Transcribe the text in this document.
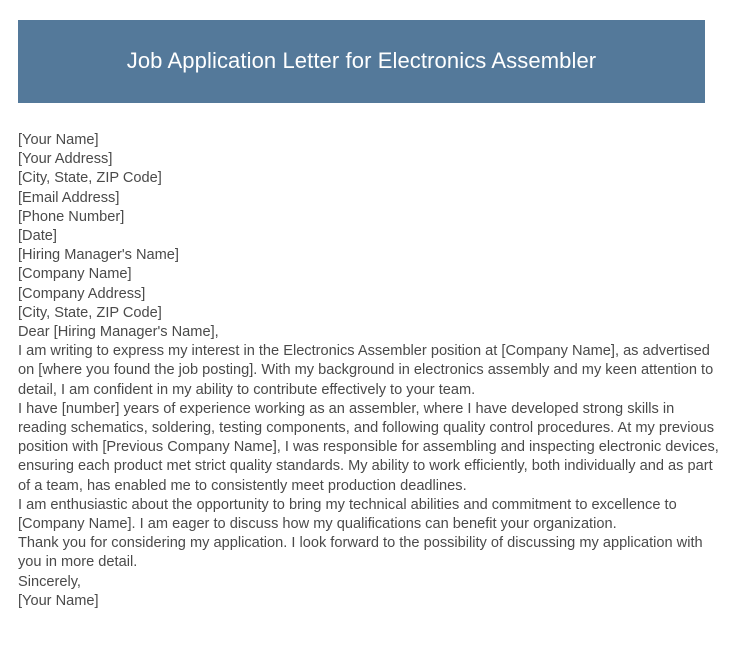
Job Application Letter for Electronics Assembler

[Your Name]

[Your Address]

[City, State, ZIP Code]

[Email Address]

[Phone Number]

[Date]

[Hiring Manager's Name]

[Company Name]

[Company Address]

[City, State, ZIP Code]

Dear [Hiring Manager's Name],

I am writing to express my interest in the Electronics Assembler position at [Company Name], as advertised on [where you found the job posting]. With my background in electronics assembly and my keen attention to detail, I am confident in my ability to contribute effectively to your team.

I have [number] years of experience working as an assembler, where I have developed strong skills in reading schematics, soldering, testing components, and following quality control procedures. At my previous position with [Previous Company Name], I was responsible for assembling and inspecting electronic devices, ensuring each product met strict quality standards. My ability to work efficiently, both individually and as part of a team, has enabled me to consistently meet production deadlines.

I am enthusiastic about the opportunity to bring my technical abilities and commitment to excellence to [Company Name]. I am eager to discuss how my qualifications can benefit your organization.

Thank you for considering my application. I look forward to the possibility of discussing my application with you in more detail.

Sincerely,

[Your Name]
